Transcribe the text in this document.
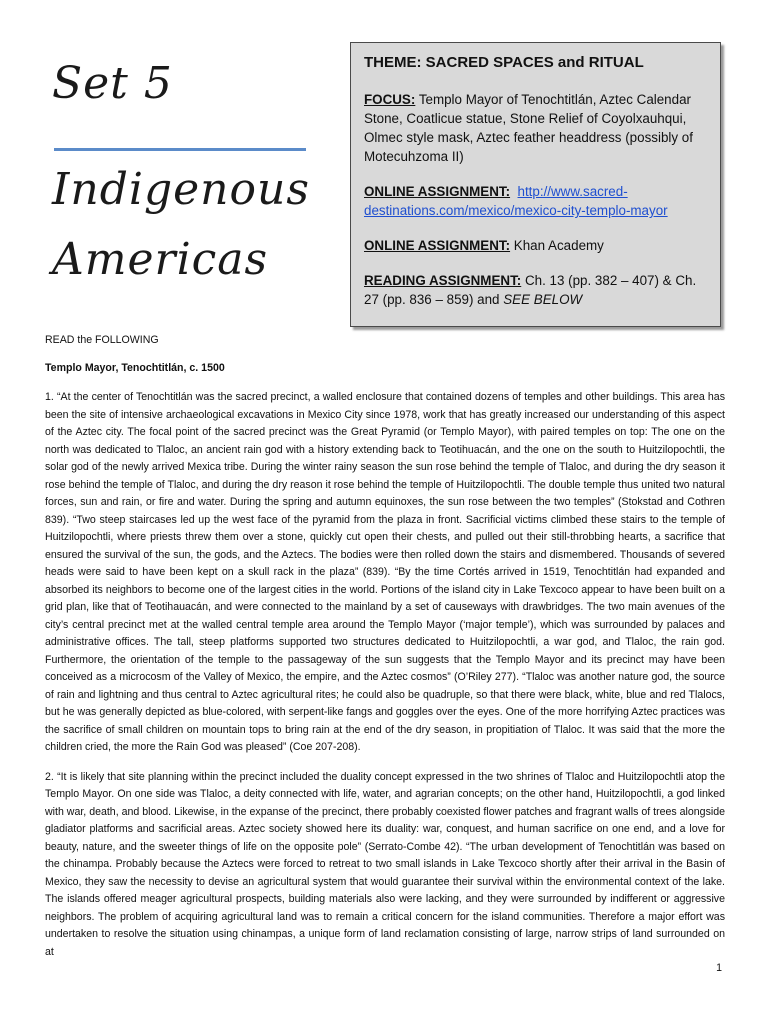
Set 5
Indigenous
Americas
THEME: SACRED SPACES and RITUAL

FOCUS: Templo Mayor of Tenochtitlán, Aztec Calendar Stone, Coatlicue statue, Stone Relief of Coyolxauhqui, Olmec style mask, Aztec feather headdress (possibly of Motecuhzoma II)

ONLINE ASSIGNMENT: http://www.sacred-destinations.com/mexico/mexico-city-templo-mayor

ONLINE ASSIGNMENT: Khan Academy

READING ASSIGNMENT: Ch. 13 (pp. 382 – 407) & Ch. 27 (pp. 836 – 859) and SEE BELOW

READ the FOLLOWING

Templo Mayor, Tenochtitlán, c. 1500

1. “At the center of Tenochtitlán was the sacred precinct, a walled enclosure that contained dozens of temples and other buildings. This area has been the site of intensive archaeological excavations in Mexico City since 1978, work that has greatly increased our understanding of this aspect of the Aztec city. The focal point of the sacred precinct was the Great Pyramid (or Templo Mayor), with paired temples on top: The one on the north was dedicated to Tlaloc, an ancient rain god with a history extending back to Teotihuacán, and the one on the south to Huitzilopochtli, the solar god of the newly arrived Mexica tribe. During the winter rainy season the sun rose behind the temple of Tlaloc, and during the dry season it rose behind the temple of Tlaloc, and during the dry reason it rose behind the temple of Huitzilopochtli. The double temple thus united two natural forces, sun and rain, or fire and water. During the spring and autumn equinoxes, the sun rose between the two temples” (Stokstad and Cothren 839). “Two steep staircases led up the west face of the pyramid from the plaza in front. Sacrificial victims climbed these stairs to the temple of Huitzilopochtli, where priests threw them over a stone, quickly cut open their chests, and pulled out their still-throbbing hearts, a sacrifice that ensured the survival of the sun, the gods, and the Aztecs. The bodies were then rolled down the stairs and dismembered. Thousands of severed heads were said to have been kept on a skull rack in the plaza” (839). “By the time Cortés arrived in 1519, Tenochtitlán had expanded and absorbed its neighbors to become one of the largest cities in the world. Portions of the island city in Lake Texcoco appear to have been built on a grid plan, like that of Teotihauacán, and were connected to the mainland by a set of causeways with drawbridges. The two main avenues of the city’s central precinct met at the walled central temple area around the Templo Mayor (‘major temple’), which was surrounded by palaces and administrative offices. The tall, steep platforms supported two structures dedicated to Huitzilopochtli, a war god, and Tlaloc, the rain god. Furthermore, the orientation of the temple to the passageway of the sun suggests that the Templo Mayor and its precinct may have been conceived as a microcosm of the Valley of Mexico, the empire, and the Aztec cosmos” (O’Riley 277). “Tlaloc was another nature god, the source of rain and lightning and thus central to Aztec agricultural rites; he could also be quadruple, so that there were black, white, blue and red Tlalocs, but he was generally depicted as blue-colored, with serpent-like fangs and goggles over the eyes. One of the more horrifying Aztec practices was the sacrifice of small children on mountain tops to bring rain at the end of the dry season, in propitiation of Tlaloc. It was said that the more the children cried, the more the Rain God was pleased” (Coe 207-208).

2. “It is likely that site planning within the precinct included the duality concept expressed in the two shrines of Tlaloc and Huitzilopochtli atop the Templo Mayor. On one side was Tlaloc, a deity connected with life, water, and agrarian concepts; on the other hand, Huitzilopochtli, a god linked with war, death, and blood. Likewise, in the expanse of the precinct, there probably coexisted flower patches and fragrant walls of trees alongside gladiator platforms and sacrificial areas. Aztec society showed here its duality: war, conquest, and human sacrifice on one end, and a love for beauty, nature, and the sweeter things of life on the opposite pole” (Serrato-Combe 42). “The urban development of Tenochtitlán was based on the chinampa. Probably because the Aztecs were forced to retreat to two small islands in Lake Texcoco shortly after their arrival in the Basin of Mexico, they saw the necessity to devise an agricultural system that would guarantee their survival within the environmental context of the lake. The islands offered meager agricultural prospects, building materials also were lacking, and they were surrounded by indifferent or aggressive neighbors. The problem of acquiring agricultural land was to remain a critical concern for the island communities. Therefore a major effort was undertaken to resolve the situation using chinampas, a unique form of land reclamation consisting of large, narrow strips of land surrounded on at

1
